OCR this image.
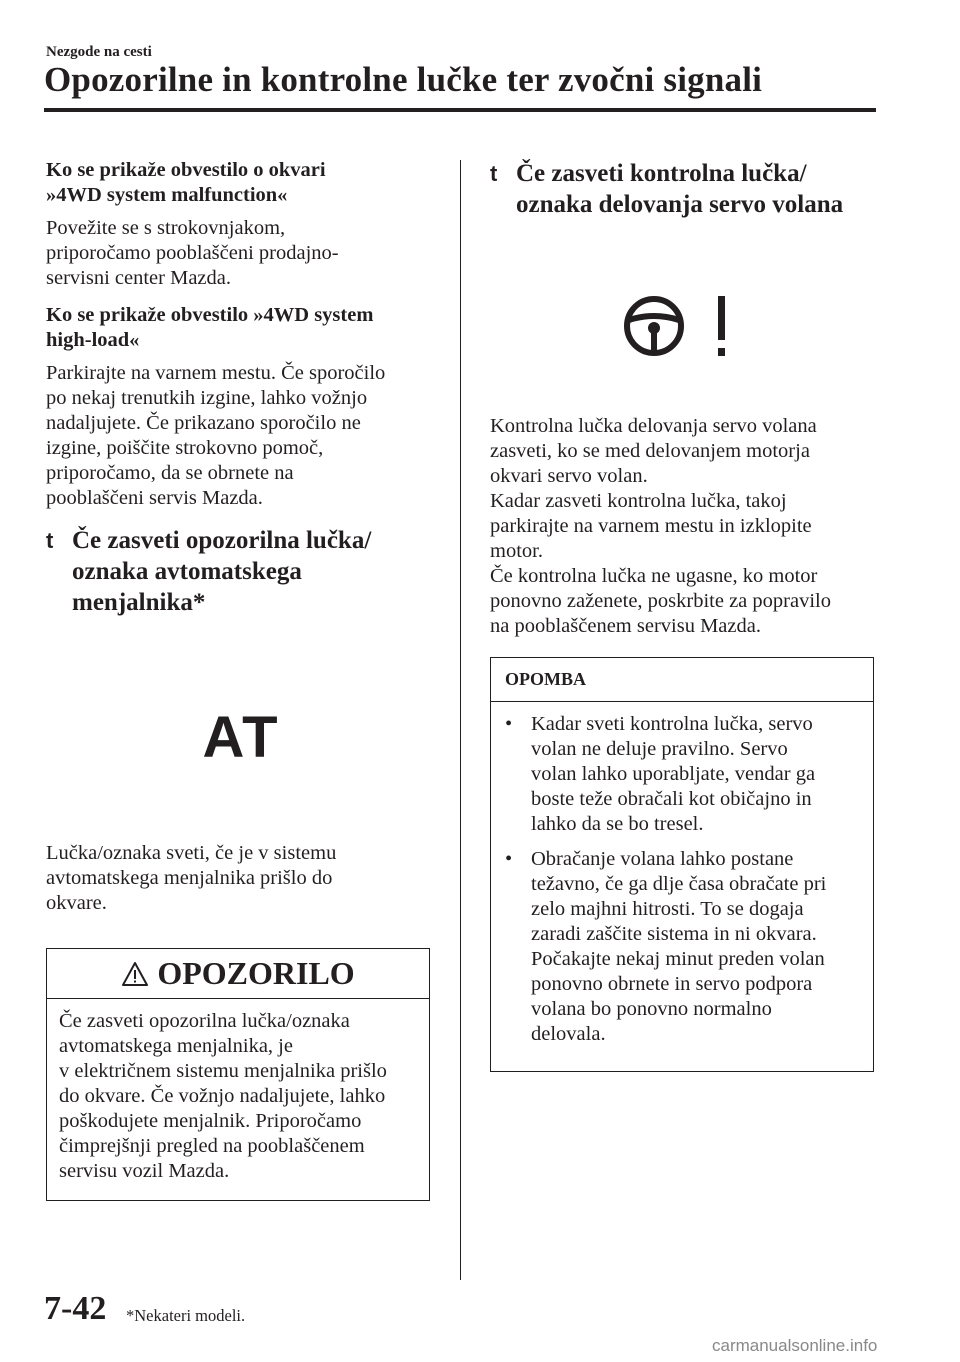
Nezgode na cesti
Opozorilne in kontrolne lučke ter zvočni signali
Ko se prikaže obvestilo o okvari
»4WD system malfunction«
Povežite se s strokovnjakom,
priporočamo pooblaščeni prodajno-
servisni center Mazda.
Ko se prikaže obvestilo »4WD system
high-load«
Parkirajte na varnem mestu. Če sporočilo
po nekaj trenutkih izgine, lahko vožnjo
nadaljujete. Če prikazano sporočilo ne
izgine, poiščite strokovno pomoč,
priporočamo, da se obrnete na
pooblaščeni servis Mazda.
t Če zasveti opozorilna lučka/
oznaka avtomatskega
menjalnika*
AT
Lučka/oznaka sveti, če je v sistemu
avtomatskega menjalnika prišlo do
okvare.
OPOZORILO
Če zasveti opozorilna lučka/oznaka
avtomatskega menjalnika, je
v električnem sistemu menjalnika prišlo
do okvare. Če vožnjo nadaljujete, lahko
poškodujete menjalnik. Priporočamo
čimprejšnji pregled na pooblaščenem
servisu vozil Mazda.
t Če zasveti kontrolna lučka/
oznaka delovanja servo volana
Kontrolna lučka delovanja servo volana
zasveti, ko se med delovanjem motorja
okvari servo volan.
Kadar zasveti kontrolna lučka, takoj
parkirajte na varnem mestu in izklopite
motor.
Če kontrolna lučka ne ugasne, ko motor
ponovno zaženete, poskrbite za popravilo
na pooblaščenem servisu Mazda.
OPOMBA
• Kadar sveti kontrolna lučka, servo
volan ne deluje pravilno. Servo
volan lahko uporabljate, vendar ga
boste teže obračali kot običajno in
lahko da se bo tresel.
• Obračanje volana lahko postane
težavno, če ga dlje časa obračate pri
zelo majhni hitrosti. To se dogaja
zaradi zaščite sistema in ni okvara.
Počakajte nekaj minut preden volan
ponovno obrnete in servo podpora
volana bo ponovno normalno
delovala.
7-42 *Nekateri modeli.
carmanualsonline.info
